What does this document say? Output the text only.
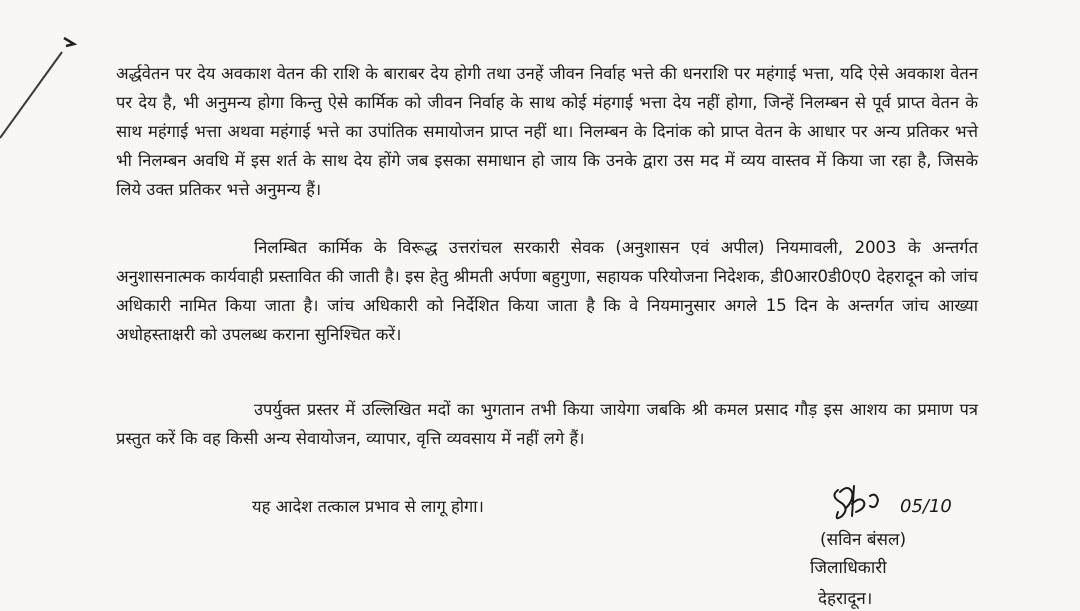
अर्द्धवेतन पर देय अवकाश वेतन की राशि के बाराबर देय होगी तथा उनहें जीवन निर्वाह भत्ते की धनराशि पर महंगाई भत्ता, यदि ऐसे अवकाश वेतन पर देय है, भी अनुमन्य होगा किन्तु ऐसे कार्मिक को जीवन निर्वाह के साथ कोई मंहगाई भत्ता देय नहीं होगा, जिन्हें निलम्बन से पूर्व प्राप्त वेतन के साथ महंगाई भत्ता अथवा महंगाई भत्ते का उपांतिक समायोजन प्राप्त नहीं था। निलम्बन के दिनांक को प्राप्त वेतन के आधार पर अन्य प्रतिकर भत्ते भी निलम्बन अवधि में इस शर्त के साथ देय होंगे जब इसका समाधान हो जाय कि उनके द्वारा उस मद में व्यय वास्तव में किया जा रहा है, जिसके लिये उक्त प्रतिकर भत्ते अनुमन्य हैं।

निलम्बित कार्मिक के विरूद्ध उत्तरांचल सरकारी सेवक (अनुशासन एवं अपील) नियमावली, 2003 के अन्तर्गत अनुशासनात्मक कार्यवाही प्रस्तावित की जाती है। इस हेतु श्रीमती अर्पणा बहुगुणा, सहायक परियोजना निदेशक, डी0आर0डी0ए0 देहरादून को जांच अधिकारी नामित किया जाता है। जांच अधिकारी को निर्देशित किया जाता है कि वे नियमानुसार अगले 15 दिन के अन्तर्गत जांच आख्या अधोहस्ताक्षरी को उपलब्ध कराना सुनिश्चित करें।

उपर्युक्त प्रस्तर में उल्लिखित मदों का भुगतान तभी किया जायेगा जबकि श्री कमल प्रसाद गौड़ इस आशय का प्रमाण पत्र प्रस्तुत करें कि वह किसी अन्य सेवायोजन, व्यापार, वृत्ति व्यवसाय में नहीं लगे हैं।

यह आदेश तत्काल प्रभाव से लागू होगा।	05/10
(सविन बंसल)
जिलाधिकारी
देहरादून।
